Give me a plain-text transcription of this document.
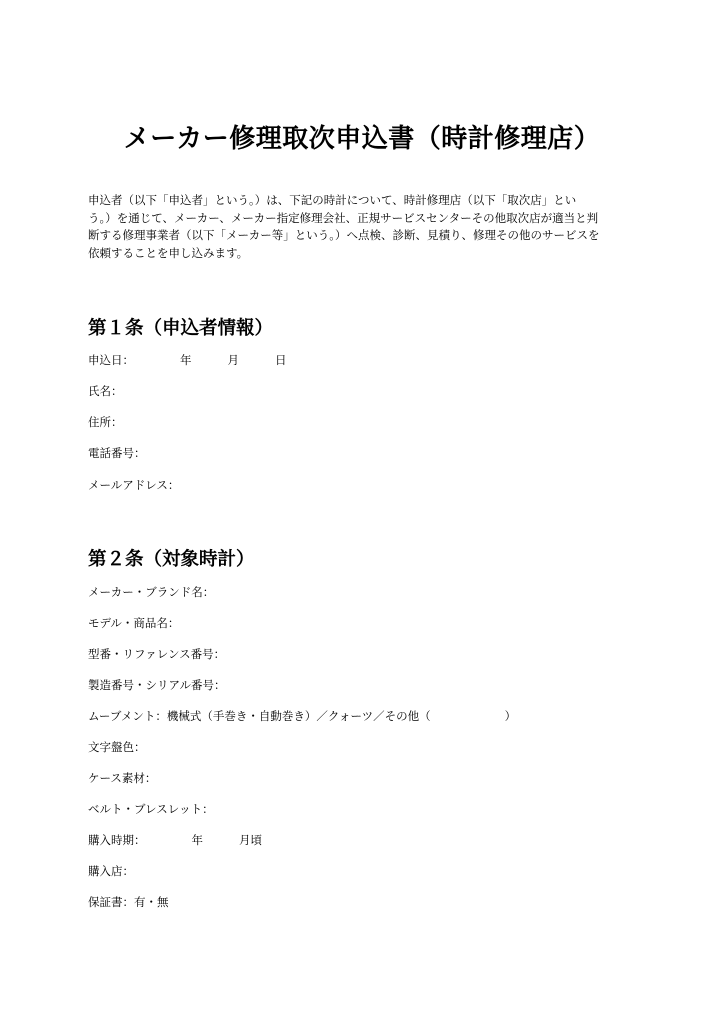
メーカー修理取次申込書（時計修理店）
申込者（以下「申込者」という。）は、下記の時計について、時計修理店（以下「取次店」とい
う。）を通じて、メーカー、メーカー指定修理会社、正規サービスセンターその他取次店が適当と判
断する修理事業者（以下「メーカー等」という。）へ点検、診断、見積り、修理その他のサービスを
依頼することを申し込みます。
第１条（申込者情報）
申込日：	年	月	日
氏名：
住所：
電話番号：
メールアドレス：
第２条（対象時計）
メーカー・ブランド名：
モデル・商品名：
型番・リファレンス番号：
製造番号・シリアル番号：
ムーブメント：機械式（手巻き・自動巻き）／クォーツ／その他（	）
文字盤色：
ケース素材：
ベルト・ブレスレット：
購入時期：	年	月頃
購入店：
保証書：有・無
